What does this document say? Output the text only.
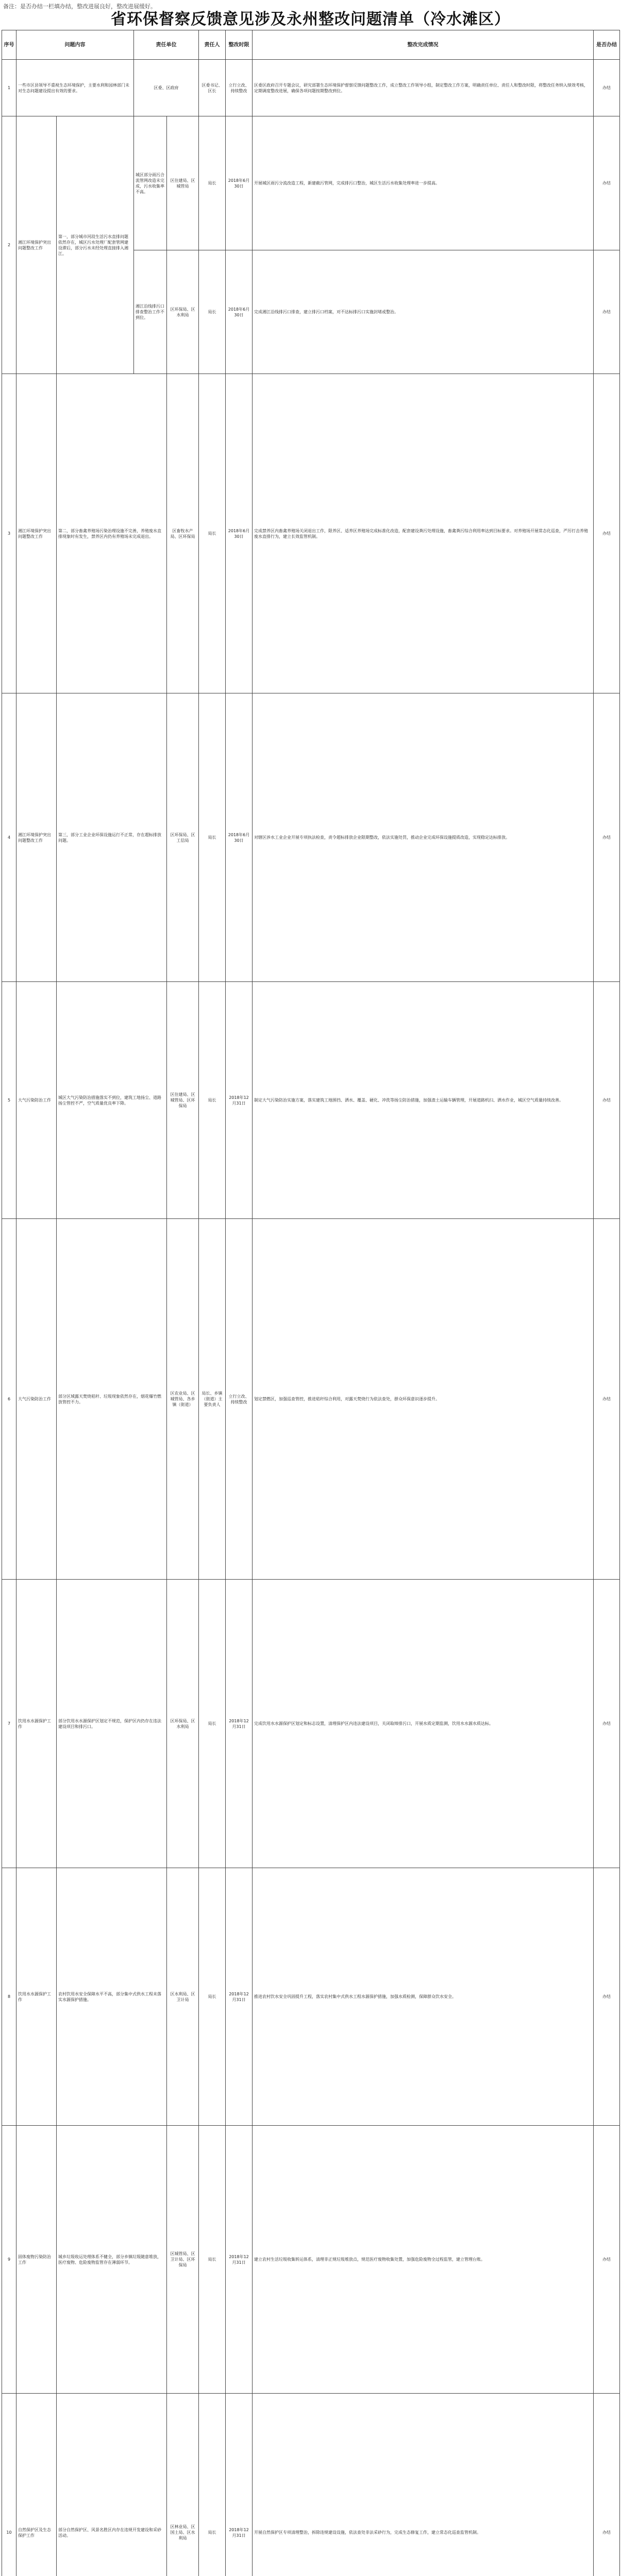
备注：是否办结一栏填办结，整改进展良好，整改进展缓好。
省环保督察反馈意见涉及永州整改问题清单（冷水滩区）
序号	问题内容		责任单位		责任人	整改时限	整改完成情况	是否办结
1	一些市区县领导不重视生态环境保护，主要水利和园林部门未对生态问题建设提出有效的要求。		区委、区政府		区委书记、区长	立行立改、持续整改	区委区政府召开专题会议，研究部署生态环境保护督察反馈问题整改工作，成立整改工作领导小组，制定整改工作方案，明确责任单位、责任人和整改时限，将整改任务纳入绩效考核，定期调度整改进展，确保各项问题按期整改到位。	办结
2	湘江环境保护突出问题整改工作	第一，部分城市河段生活污水直排问题依然存在，城区污水处理厂配套管网建设滞后，部分污水未经处理直接排入湘江。	城区部分雨污合流管网改造未完成，污水收集率不高。	区住建局、区城管局	局长	2018年6月30日	开展城区雨污分流改造工程，新建截污管网，完成排污口整治，城区生活污水收集处理率进一步提高。	办结
			湘江沿线排污口排查整治工作不到位。	区环保局、区水利局	局长	2018年6月30日	完成湘江沿线排污口排查，建立排污口档案，对不达标排污口实施封堵或整治。	办结
3	湘江环境保护突出问题整改工作	第二，部分畜禽养殖场污染治理设施不完善，养殖废水直排现象时有发生，禁养区内仍有养殖场未完成退出。		区畜牧水产局、区环保局	局长	2018年6月30日	完成禁养区内畜禽养殖场关闭退出工作，限养区、适养区养殖场完成标准化改造，配套建设粪污处理设施，畜禽粪污综合利用率达到目标要求。对养殖场开展常态化巡查，严厉打击养殖废水直排行为，建立长效监管机制。	办结
4	湘江环境保护突出问题整改工作	第三，部分工业企业环保设施运行不正常，存在超标排放问题。		区环保局、区工信局	局长	2018年6月30日	对辖区涉水工业企业开展专项执法检查，责令超标排放企业限期整改，依法实施处罚，推动企业完成环保设施提质改造，实现稳定达标排放。	办结
5	大气污染防治工作	城区大气污染防治措施落实不到位，建筑工地扬尘、道路扬尘管控不严，空气质量优良率下降。		区住建局、区城管局、区环保局	局长	2018年12月31日	制定大气污染防治实施方案，落实建筑工地围挡、洒水、覆盖、硬化、冲洗等扬尘防治措施，加强渣土运输车辆管理，开展道路机扫、洒水作业，城区空气质量持续改善。	办结
6	大气污染防治工作	部分区域露天焚烧秸秆、垃圾现象依然存在，烟花爆竹燃放管控不力。		区农业局、区城管局、各乡镇（街道）	局长、乡镇（街道）主要负责人	立行立改、持续整改	划定禁燃区，加强巡查管控，推进秸秆综合利用，对露天焚烧行为依法查处，群众环保意识逐步提升。	办结
7	饮用水水源保护工作	部分饮用水水源保护区划定不规范，保护区内仍存在违法建设项目和排污口。		区环保局、区水利局	局长	2018年12月31日	完成饮用水水源保护区划定和标志设置，清理保护区内违法建设项目，关闭取缔排污口，开展水质定期监测，饮用水水源水质达标。	办结
8	饮用水水源保护工作	农村饮用水安全保障水平不高，部分集中式供水工程未落实水源保护措施。		区水利局、区卫计局	局长	2018年12月31日	推进农村饮水安全巩固提升工程，落实农村集中式供水工程水源保护措施，加强水质检测，保障群众饮水安全。	办结
9	固体废物污染防治工作	城乡垃圾收运处理体系不健全，部分乡镇垃圾随意堆放，医疗废物、危险废物监管存在薄弱环节。		区城管局、区卫计局、区环保局	局长	2018年12月31日	建立农村生活垃圾收集转运体系，清理非正规垃圾堆放点，规范医疗废物收集处置，加强危险废物全过程监管，建立管理台账。	办结
10	自然保护区及生态保护工作	部分自然保护区、风景名胜区内存在违规开发建设和采砂活动。		区林业局、区国土局、区水利局	局长	2018年12月31日	开展自然保护区专项清理整治，拆除违规建设设施，依法查处非法采砂行为，完成生态修复工作，建立常态化巡查监管机制。	办结
